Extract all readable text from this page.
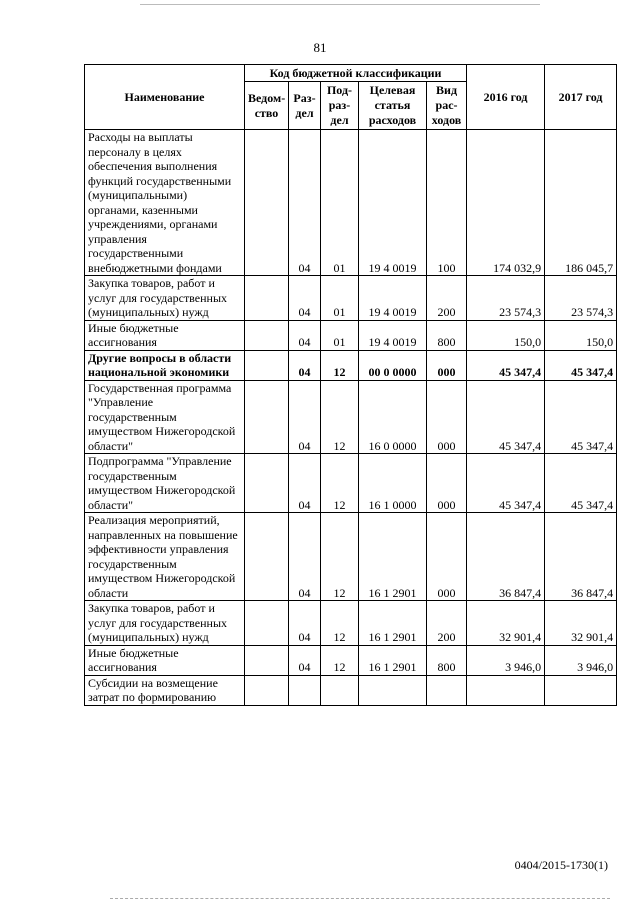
81
Наименование	Код бюджетной классификации					2016 год	2017 год
	Ведом-ство	Раз-дел	Под-раз-дел	Целевая статья расходов	Вид рас-ходов		
Расходы на выплаты персоналу в целях обеспечения выполнения функций государственными (муниципальными) органами, казенными учреждениями, органами управления государственными внебюджетными фондами		04	01	19 4 0019	100	174 032,9	186 045,7
Закупка товаров, работ и услуг для государственных (муниципальных) нужд		04	01	19 4 0019	200	23 574,3	23 574,3
Иные бюджетные ассигнования		04	01	19 4 0019	800	150,0	150,0
Другие вопросы в области национальной экономики		04	12	00 0 0000	000	45 347,4	45 347,4
Государственная программа "Управление государственным имуществом Нижегородской области"		04	12	16 0 0000	000	45 347,4	45 347,4
Подпрограмма "Управление государственным имуществом Нижегородской области"		04	12	16 1 0000	000	45 347,4	45 347,4
Реализация мероприятий, направленных на повышение эффективности управления государственным имуществом Нижегородской области		04	12	16 1 2901	000	36 847,4	36 847,4
Закупка товаров, работ и услуг для государственных (муниципальных) нужд		04	12	16 1 2901	200	32 901,4	32 901,4
Иные бюджетные ассигнования		04	12	16 1 2901	800	3 946,0	3 946,0
Субсидии на возмещение затрат по формированию							
0404/2015-1730(1)
